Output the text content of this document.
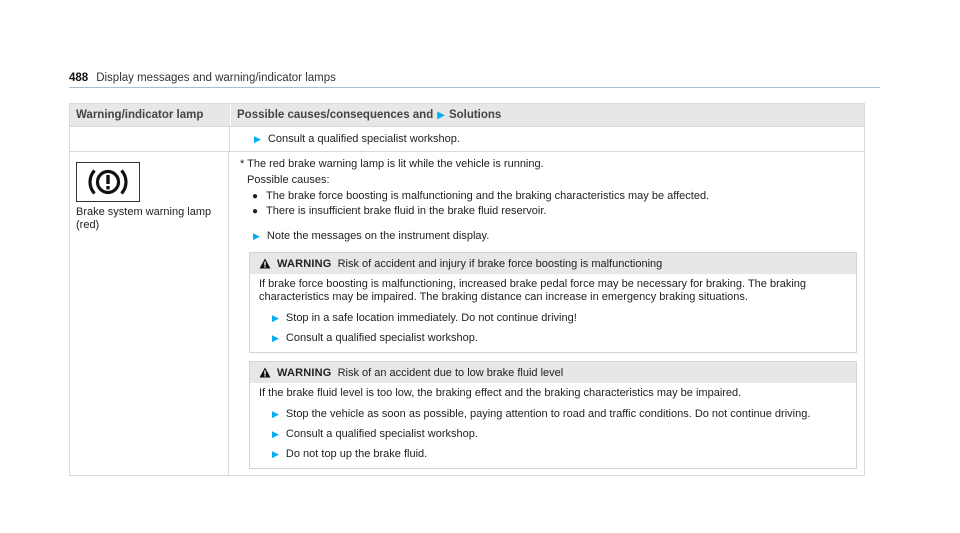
488 Display messages and warning/indicator lamps
Warning/indicator lamp	Possible causes/consequences and ▶ Solutions
▶ Consult a qualified specialist workshop.
Brake system warning lamp
(red)

* The red brake warning lamp is lit while the vehicle is running.

Possible causes:

● The brake force boosting is malfunctioning and the braking characteristics may be affected.
● There is insufficient brake fluid in the brake fluid reservoir.
▶ Note the messages on the instrument display.
WARNING Risk of accident and injury if brake force boosting is malfunctioning

If brake force boosting is malfunctioning, increased brake pedal force may be necessary for braking. The braking characteristics may be impaired. The braking distance can increase in emergency braking situations.

▶ Stop in a safe location immediately. Do not continue driving!
▶ Consult a qualified specialist workshop.
WARNING Risk of an accident due to low brake fluid level

If the brake fluid level is too low, the braking effect and the braking characteristics may be impaired.

▶ Stop the vehicle as soon as possible, paying attention to road and traffic conditions. Do not continue driving.
▶ Consult a qualified specialist workshop.
▶ Do not top up the brake fluid.
